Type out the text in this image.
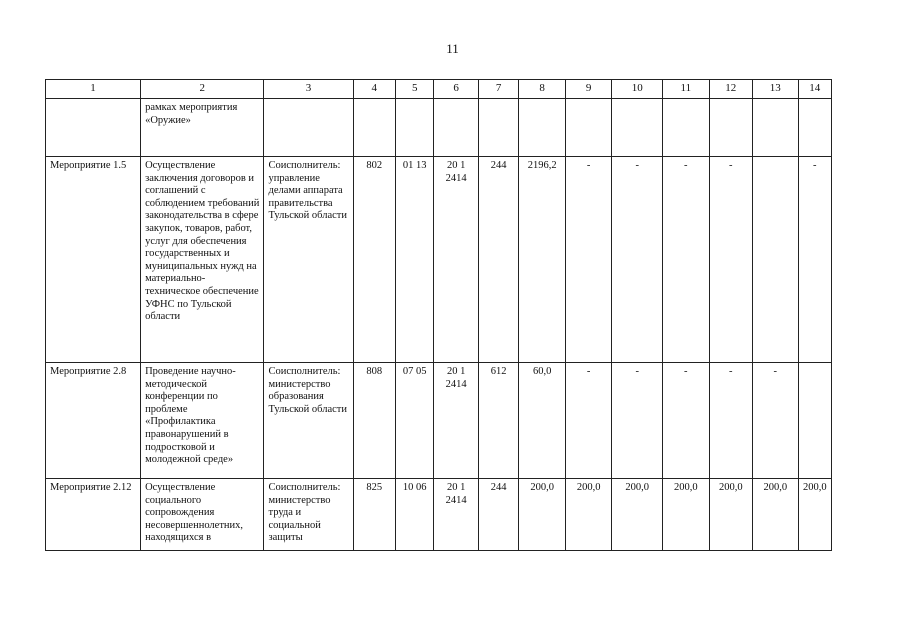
11
1	2	3	4	5	6	7	8	9	10	11	12	13	14
	рамках мероприятия «Оружие»												
Мероприятие 1.5	Осуществление заключения договоров и соглашений с соблюдением требований законодательства в сфере закупок, товаров, работ, услуг для обеспечения государственных и муниципальных нужд на материально-техническое обеспечение УФНС по Тульской области	Соисполнитель: управление делами аппарата правительства Тульской области	802	01 13	20 1 2414	244	2196,2	-	-	-	-		-
Мероприятие 2.8	Проведение научно-методической конференции по проблеме «Профилактика правонарушений в подростковой и молодежной среде»	Соисполнитель: министерство образования Тульской области	808	07 05	20 1 2414	612	60,0	-	-	-	-	-	
Мероприятие 2.12	Осуществление социального сопровождения несовершеннолетних, находящихся в	Соисполнитель: министерство труда и социальной защиты	825	10 06	20 1 2414	244	200,0	200,0	200,0	200,0	200,0	200,0	200,0
